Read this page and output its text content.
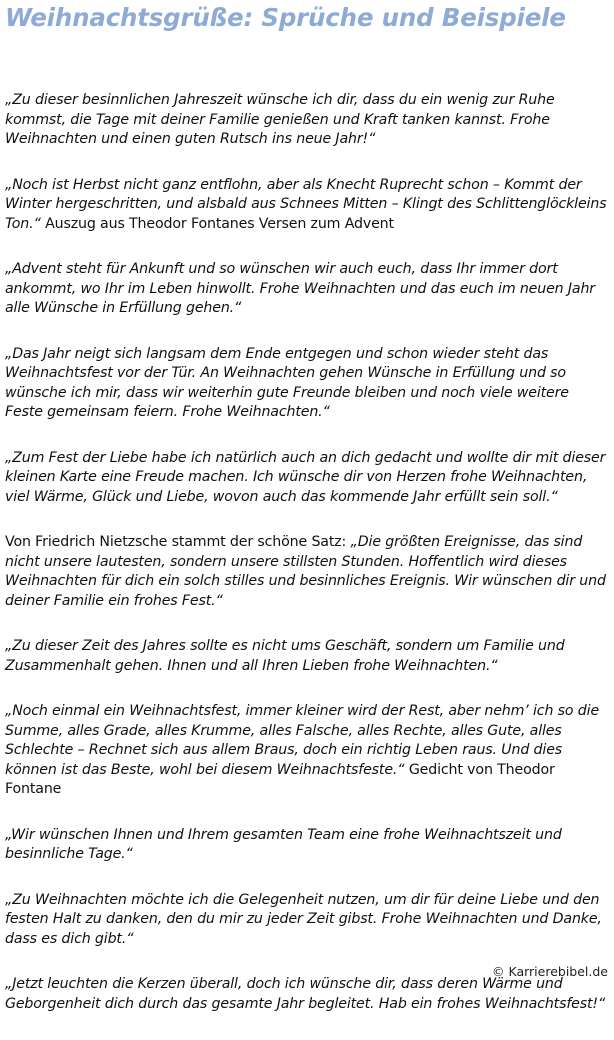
Weihnachtsgrüße: Sprüche und Beispiele

„Zu dieser besinnlichen Jahreszeit wünsche ich dir, dass du ein wenig zur Ruhe kommst, die Tage mit deiner Familie genießen und Kraft tanken kannst. Frohe Weihnachten und einen guten Rutsch ins neue Jahr!“

„Noch ist Herbst nicht ganz entflohn, aber als Knecht Ruprecht schon – Kommt der Winter hergeschritten, und alsbald aus Schnees Mitten – Klingt des Schlittenglöckleins Ton.“ Auszug aus Theodor Fontanes Versen zum Advent

„Advent steht für Ankunft und so wünschen wir auch euch, dass Ihr immer dort ankommt, wo Ihr im Leben hinwollt. Frohe Weihnachten und das euch im neuen Jahr alle Wünsche in Erfüllung gehen.“

„Das Jahr neigt sich langsam dem Ende entgegen und schon wieder steht das Weihnachtsfest vor der Tür. An Weihnachten gehen Wünsche in Erfüllung und so wünsche ich mir, dass wir weiterhin gute Freunde bleiben und noch viele weitere Feste gemeinsam feiern. Frohe Weihnachten.“

„Zum Fest der Liebe habe ich natürlich auch an dich gedacht und wollte dir mit dieser kleinen Karte eine Freude machen. Ich wünsche dir von Herzen frohe Weihnachten, viel Wärme, Glück und Liebe, wovon auch das kommende Jahr erfüllt sein soll.“

Von Friedrich Nietzsche stammt der schöne Satz: „Die größten Ereignisse, das sind nicht unsere lautesten, sondern unsere stillsten Stunden. Hoffentlich wird dieses Weihnachten für dich ein solch stilles und besinnliches Ereignis. Wir wünschen dir und deiner Familie ein frohes Fest.“

„Zu dieser Zeit des Jahres sollte es nicht ums Geschäft, sondern um Familie und Zusammenhalt gehen. Ihnen und all Ihren Lieben frohe Weihnachten.“

„Noch einmal ein Weihnachtsfest, immer kleiner wird der Rest, aber nehm’ ich so die Summe, alles Grade, alles Krumme, alles Falsche, alles Rechte, alles Gute, alles Schlechte – Rechnet sich aus allem Braus, doch ein richtig Leben raus. Und dies können ist das Beste, wohl bei diesem Weihnachtsfeste.“ Gedicht von Theodor Fontane

„Wir wünschen Ihnen und Ihrem gesamten Team eine frohe Weihnachtszeit und besinnliche Tage.“

„Zu Weihnachten möchte ich die Gelegenheit nutzen, um dir für deine Liebe und den festen Halt zu danken, den du mir zu jeder Zeit gibst. Frohe Weihnachten und Danke, dass es dich gibt.“

„Jetzt leuchten die Kerzen überall, doch ich wünsche dir, dass deren Wärme und Geborgenheit dich durch das gesamte Jahr begleitet. Hab ein frohes Weihnachtsfest!“

© Karrierebibel.de
